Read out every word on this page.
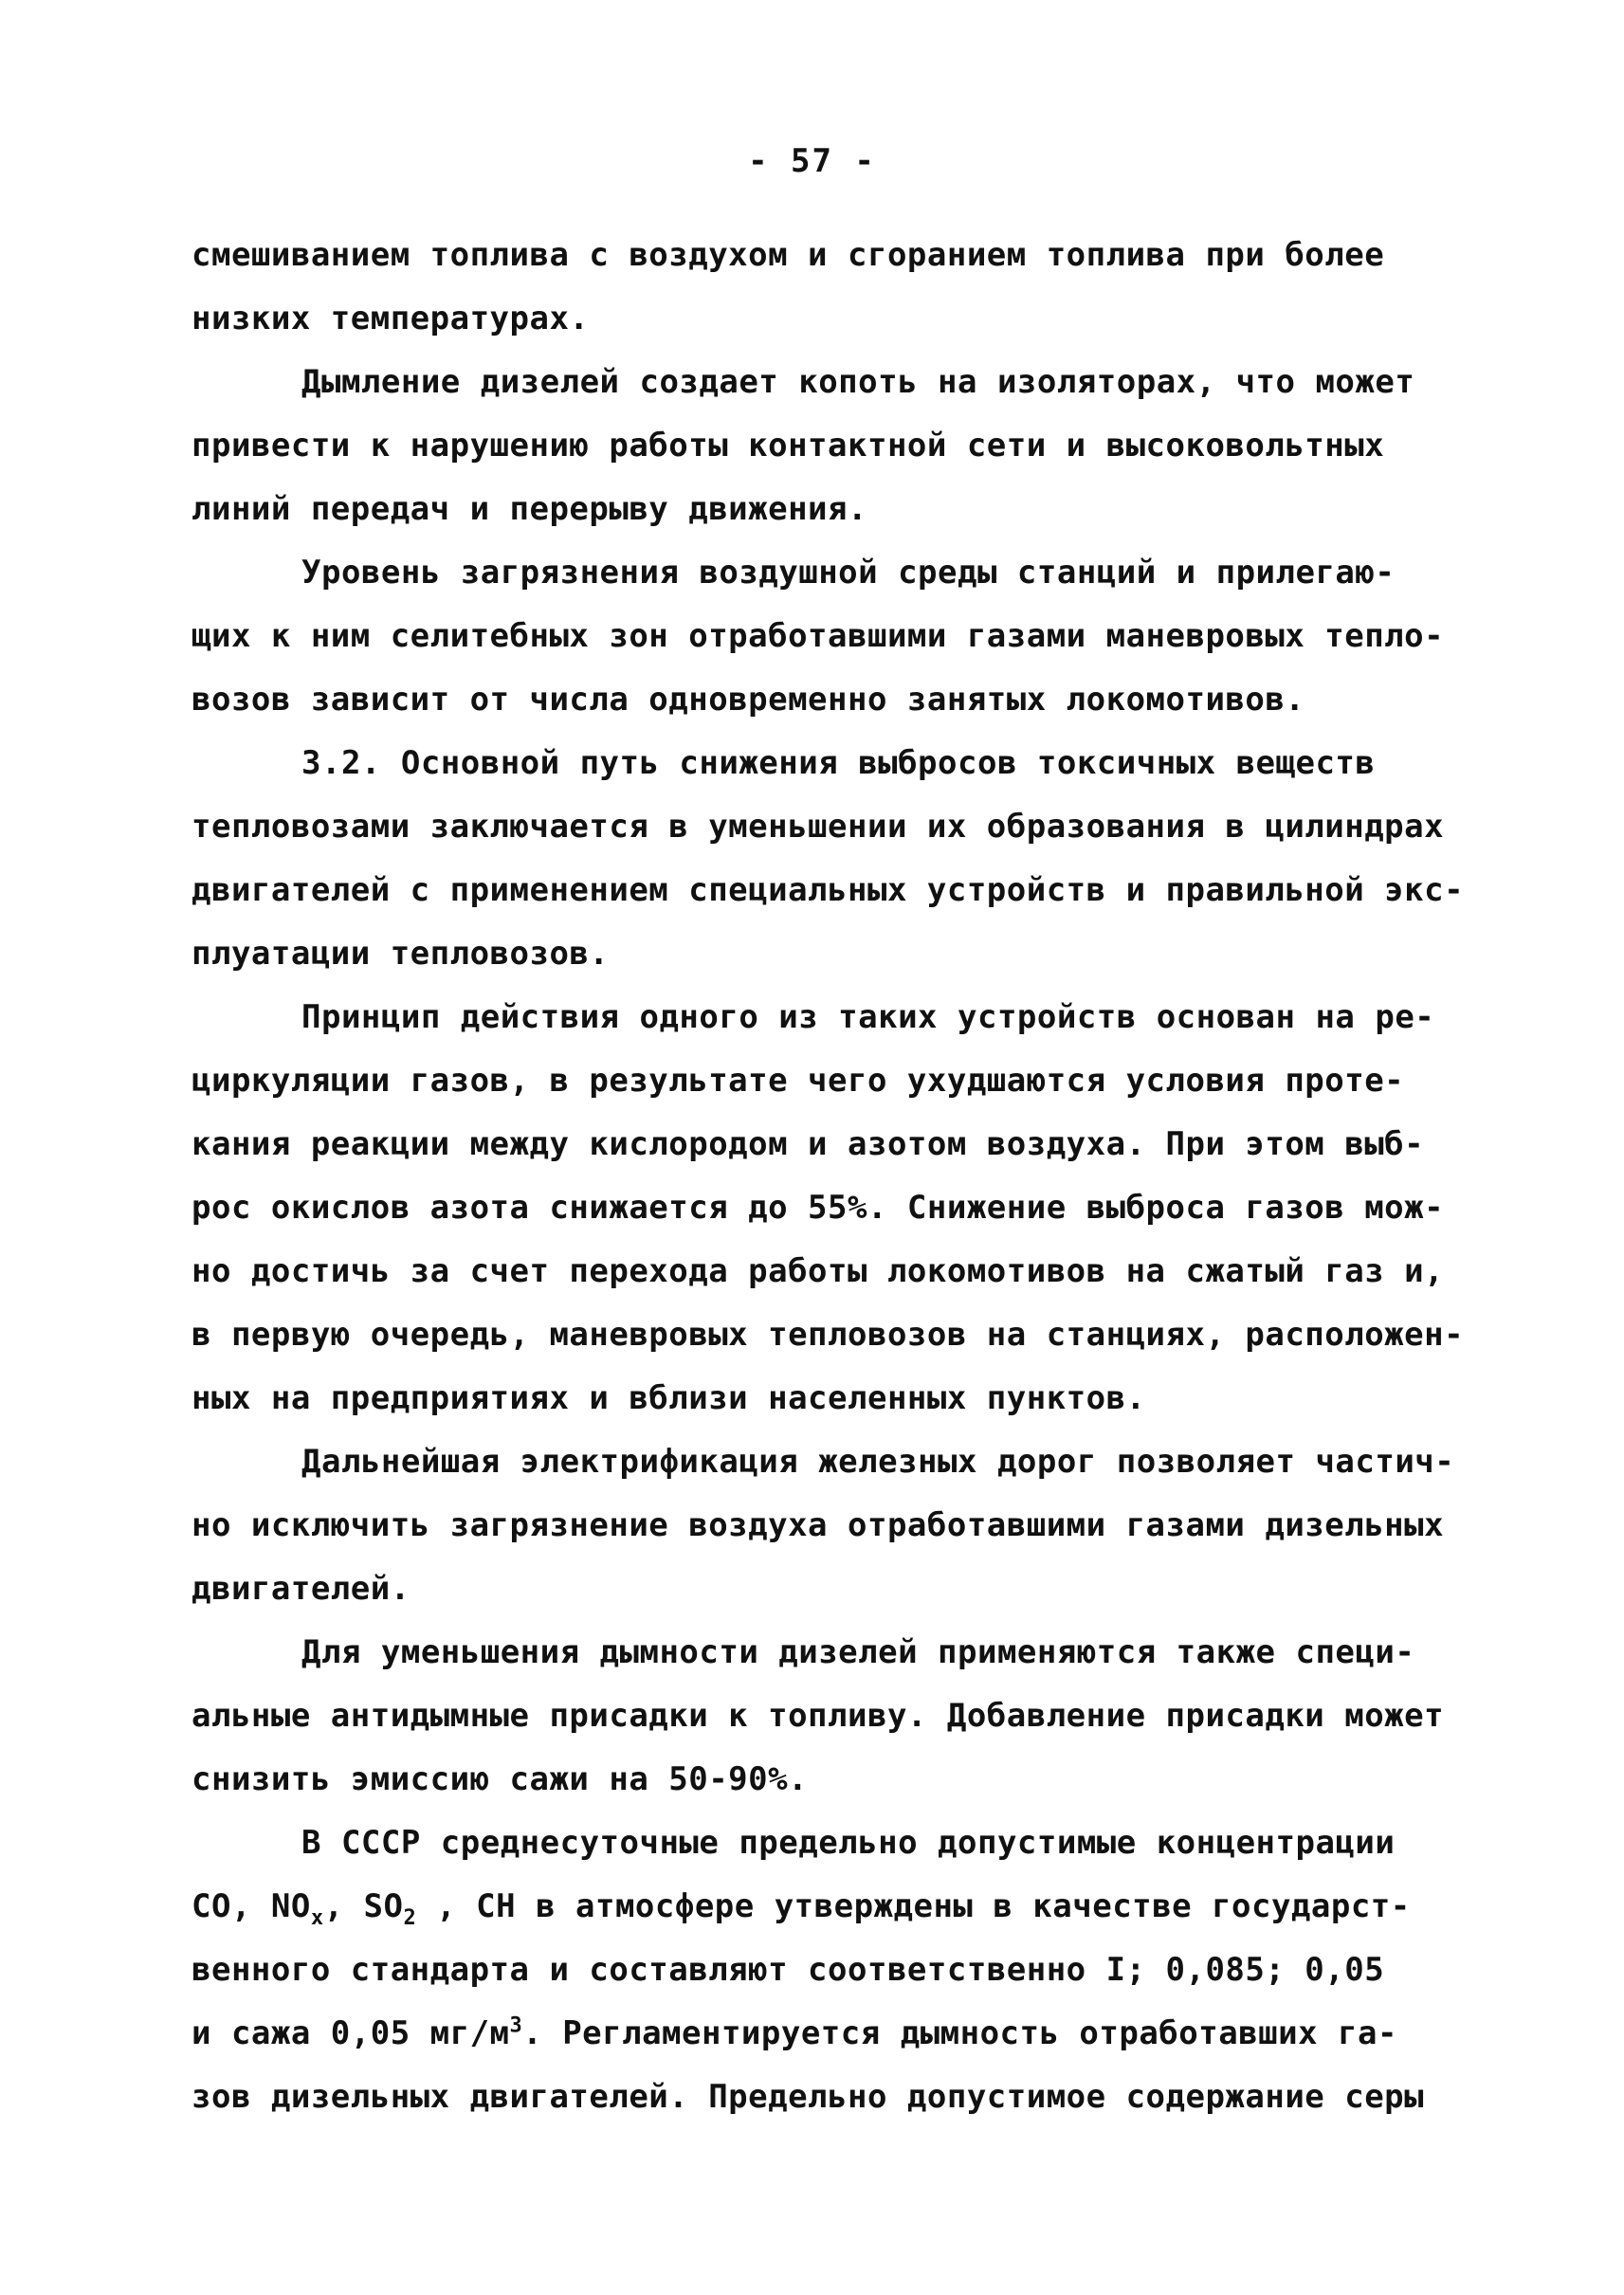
- 57 -
смешиванием топлива с воздухом и сгоранием топлива при более
низких температурах.
Дымление дизелей создает копоть на изоляторах, что может
привести к нарушению работы контактной сети и высоковольтных
линий передач и перерыву движения.
Уровень загрязнения воздушной среды станций и прилегаю-
щих к ним селитебных зон отработавшими газами маневровых тепло-
возов зависит от числа одновременно занятых локомотивов.
3.2. Основной путь снижения выбросов токсичных веществ
тепловозами заключается в уменьшении их образования в цилиндрах
двигателей с применением специальных устройств и правильной экс-
плуатации тепловозов.
Принцип действия одного из таких устройств основан на ре-
циркуляции газов, в результате чего ухудшаются условия проте-
кания реакции между кислородом и азотом воздуха. При этом выб-
рос окислов азота снижается до 55%. Снижение выброса газов мож-
но достичь за счет перехода работы локомотивов на сжатый газ и,
в первую очередь, маневровых тепловозов на станциях, расположен-
ных на предприятиях и вблизи населенных пунктов.
Дальнейшая электрификация железных дорог позволяет частич-
но исключить загрязнение воздуха отработавшими газами дизельных
двигателей.
Для уменьшения дымности дизелей применяются также специ-
альные антидымные присадки к топливу. Добавление присадки может
снизить эмиссию сажи на 50-90%.
В СССР среднесуточные предельно допустимые концентрации
CO, $NO_x$, $SO_2$ , CH в атмосфере утверждены в качестве государст-
венного стандарта и составляют соответственно I; 0,085; 0,05
и сажа 0,05 $мг/м^3$. Регламентируется дымность отработавших га-
зов дизельных двигателей. Предельно допустимое содержание серы
